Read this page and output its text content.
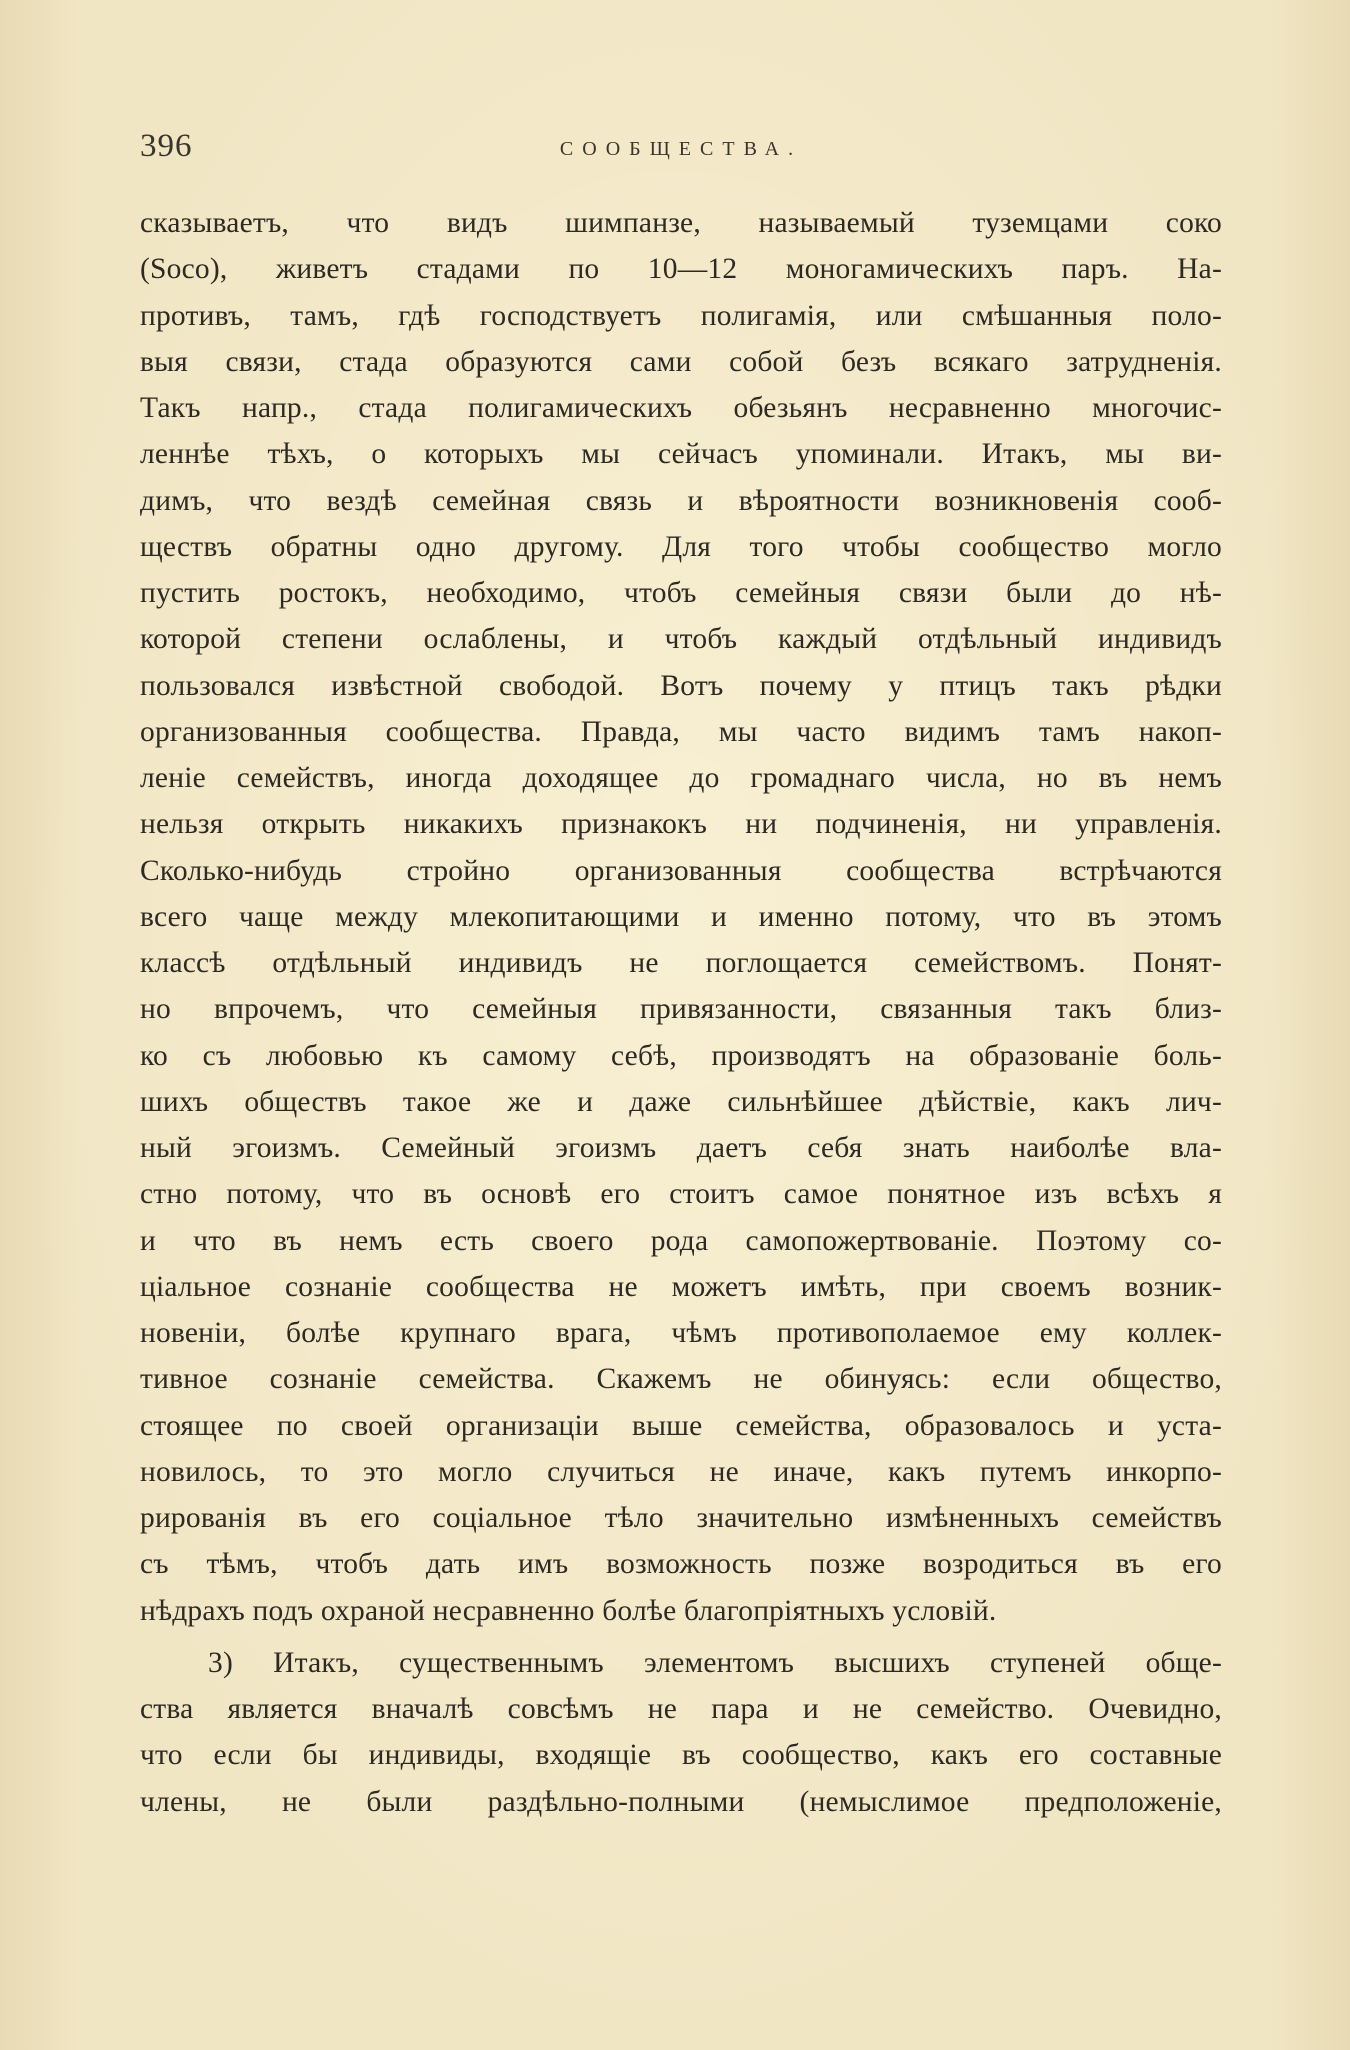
396	СООБЩЕСТВА.
сказываетъ, что видъ шимпанзе, называемый туземцами соко
(Soco), живетъ стадами по 10—12 моногамическихъ паръ. На-
противъ, тамъ, гдѣ господствуетъ полигамія, или смѣшанныя поло-
выя связи, стада образуются сами собой безъ всякаго затрудненія.
Такъ напр., стада полигамическихъ обезьянъ несравненно многочис-
леннѣе тѣхъ, о которыхъ мы сейчасъ упоминали. Итакъ, мы ви-
димъ, что вездѣ семейная связь и вѣроятности возникновенія сооб-
ществъ обратны одно другому. Для того чтобы сообщество могло
пустить ростокъ, необходимо, чтобъ семейныя связи были до нѣ-
которой степени ослаблены, и чтобъ каждый отдѣльный индивидъ
пользовался извѣстной свободой. Вотъ почему у птицъ такъ рѣдки
организованныя сообщества. Правда, мы часто видимъ тамъ накоп-
леніе семействъ, иногда доходящее до громаднаго числа, но въ немъ
нельзя открыть никакихъ признакокъ ни подчиненія, ни управленія.
Сколько-нибудь стройно организованныя сообщества встрѣчаются
всего чаще между млекопитающими и именно потому, что въ этомъ
классѣ отдѣльный индивидъ не поглощается семействомъ. Понят-
но впрочемъ, что семейныя привязанности, связанныя такъ близ-
ко съ любовью къ самому себѣ, производятъ на образованіе боль-
шихъ обществъ такое же и даже сильнѣйшее дѣйствіе, какъ лич-
ный эгоизмъ. Семейный эгоизмъ даетъ себя знать наиболѣе вла-
стно потому, что въ основѣ его стоитъ самое понятное изъ всѣхъ я
и что въ немъ есть своего рода самопожертвованіе. Поэтому со-
ціальное сознаніе сообщества не можетъ имѣть, при своемъ возник-
новеніи, болѣе крупнаго врага, чѣмъ противополаемое ему коллек-
тивное сознаніе семейства. Скажемъ не обинуясь: если общество,
стоящее по своей организаціи выше семейства, образовалось и уста-
новилось, то это могло случиться не иначе, какъ путемъ инкорпо-
рированія въ его соціальное тѣло значительно измѣненныхъ семействъ
съ тѣмъ, чтобъ дать имъ возможность позже возродиться въ его
нѣдрахъ подъ охраной несравненно болѣе благопріятныхъ условій.
3) Итакъ, существеннымъ элементомъ высшихъ ступеней обще-
ства является вначалѣ совсѣмъ не пара и не семейство. Очевидно,
что если бы индивиды, входящіе въ сообщество, какъ его составные
члены, не были раздѣльно-полными (немыслимое предположеніе,
